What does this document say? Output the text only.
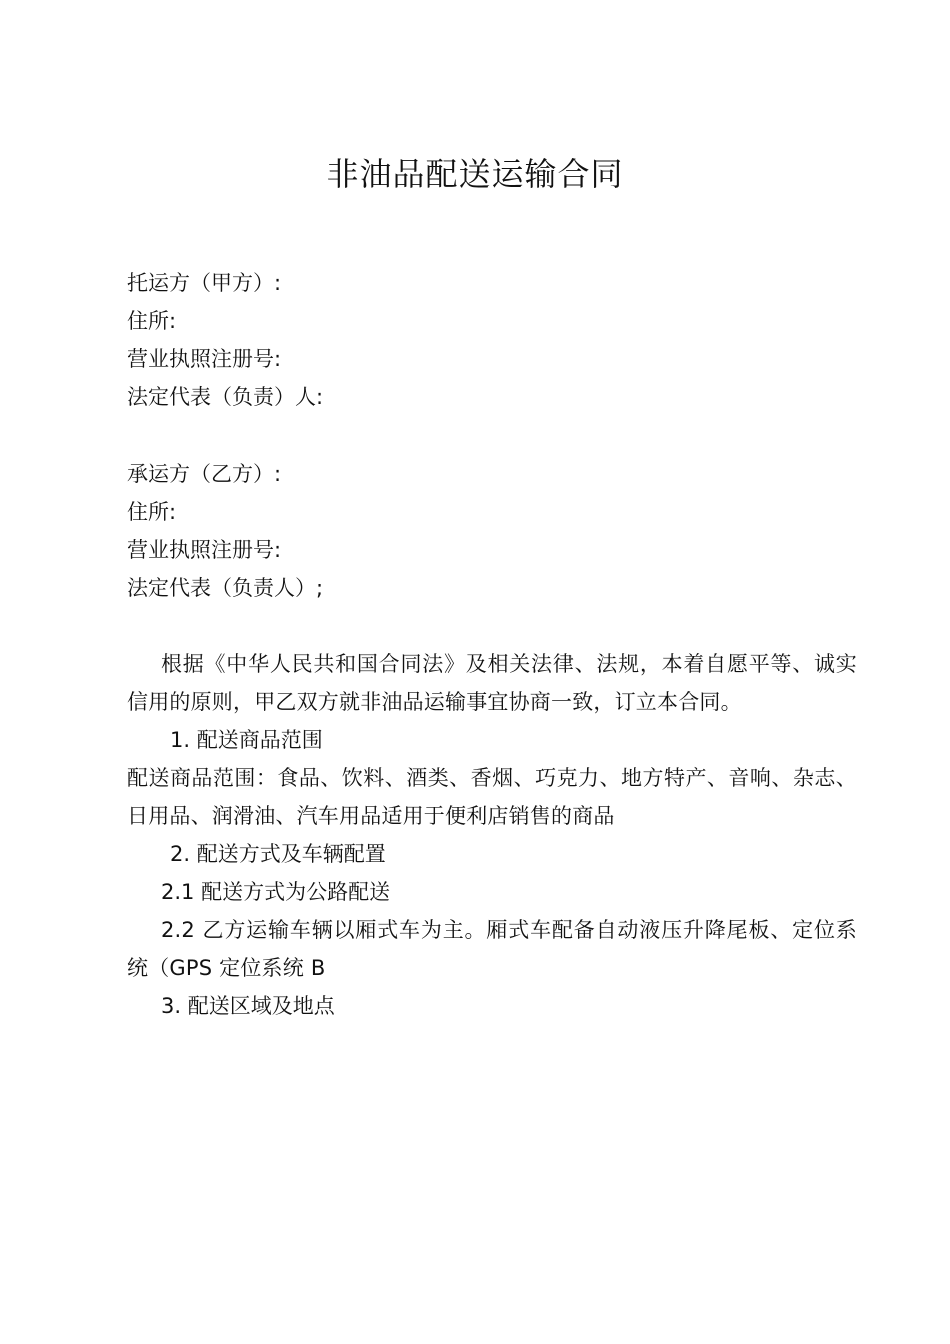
非油品配送运输合同
托运方（甲方）:
住所:
营业执照注册号:
法定代表（负责）人:
承运方（乙方）:
住所:
营业执照注册号:
法定代表（负责人）;
根据《中华人民共和国合同法》及相关法律、法规，本着自愿平等、诚实信用的原则，甲乙双方就非油品运输事宜协商一致，订立本合同。
1. 配送商品范围
配送商品范围：食品、饮料、酒类、香烟、巧克力、地方特产、音响、杂志、日用品、润滑油、汽车用品适用于便利店销售的商品
2. 配送方式及车辆配置
2.1 配送方式为公路配送
2.2 乙方运输车辆以厢式车为主。厢式车配备自动液压升降尾板、定位系统（GPS 定位系统 B
3. 配送区域及地点
